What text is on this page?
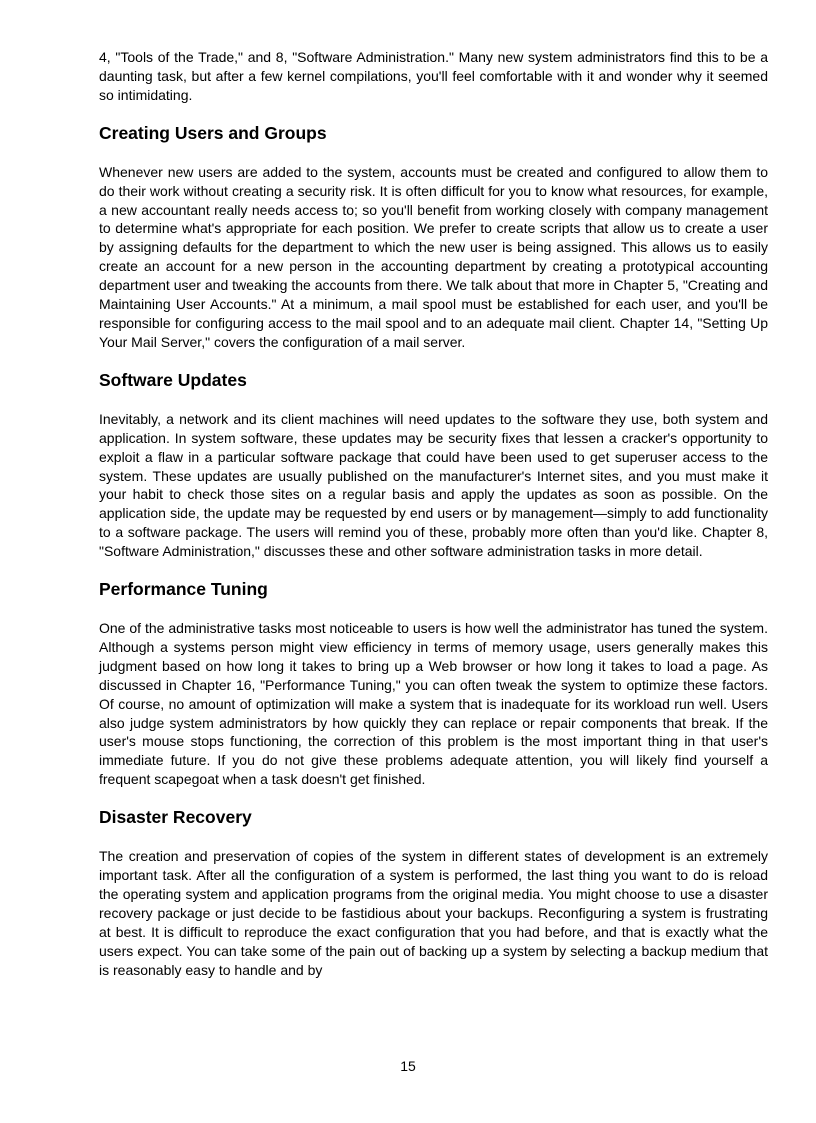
4, "Tools of the Trade," and 8, "Software Administration." Many new system administrators find this to be a daunting task, but after a few kernel compilations, you'll feel comfortable with it and wonder why it seemed so intimidating.

Creating Users and Groups

Whenever new users are added to the system, accounts must be created and configured to allow them to do their work without creating a security risk. It is often difficult for you to know what resources, for example, a new accountant really needs access to; so you'll benefit from working closely with company management to determine what's appropriate for each position. We prefer to create scripts that allow us to create a user by assigning defaults for the department to which the new user is being assigned. This allows us to easily create an account for a new person in the accounting department by creating a prototypical accounting department user and tweaking the accounts from there. We talk about that more in Chapter 5, "Creating and Maintaining User Accounts." At a minimum, a mail spool must be established for each user, and you'll be responsible for configuring access to the mail spool and to an adequate mail client. Chapter 14, "Setting Up Your Mail Server," covers the configuration of a mail server.

Software Updates

Inevitably, a network and its client machines will need updates to the software they use, both system and application. In system software, these updates may be security fixes that lessen a cracker's opportunity to exploit a flaw in a particular software package that could have been used to get superuser access to the system. These updates are usually published on the manufacturer's Internet sites, and you must make it your habit to check those sites on a regular basis and apply the updates as soon as possible. On the application side, the update may be requested by end users or by management—simply to add functionality to a software package. The users will remind you of these, probably more often than you'd like. Chapter 8, "Software Administration," discusses these and other software administration tasks in more detail.

Performance Tuning

One of the administrative tasks most noticeable to users is how well the administrator has tuned the system. Although a systems person might view efficiency in terms of memory usage, users generally makes this judgment based on how long it takes to bring up a Web browser or how long it takes to load a page. As discussed in Chapter 16, "Performance Tuning," you can often tweak the system to optimize these factors. Of course, no amount of optimization will make a system that is inadequate for its workload run well. Users also judge system administrators by how quickly they can replace or repair components that break. If the user's mouse stops functioning, the correction of this problem is the most important thing in that user's immediate future. If you do not give these problems adequate attention, you will likely find yourself a frequent scapegoat when a task doesn't get finished.

Disaster Recovery

The creation and preservation of copies of the system in different states of development is an extremely important task. After all the configuration of a system is performed, the last thing you want to do is reload the operating system and application programs from the original media. You might choose to use a disaster recovery package or just decide to be fastidious about your backups. Reconfiguring a system is frustrating at best. It is difficult to reproduce the exact configuration that you had before, and that is exactly what the users expect. You can take some of the pain out of backing up a system by selecting a backup medium that is reasonably easy to handle and by

15
